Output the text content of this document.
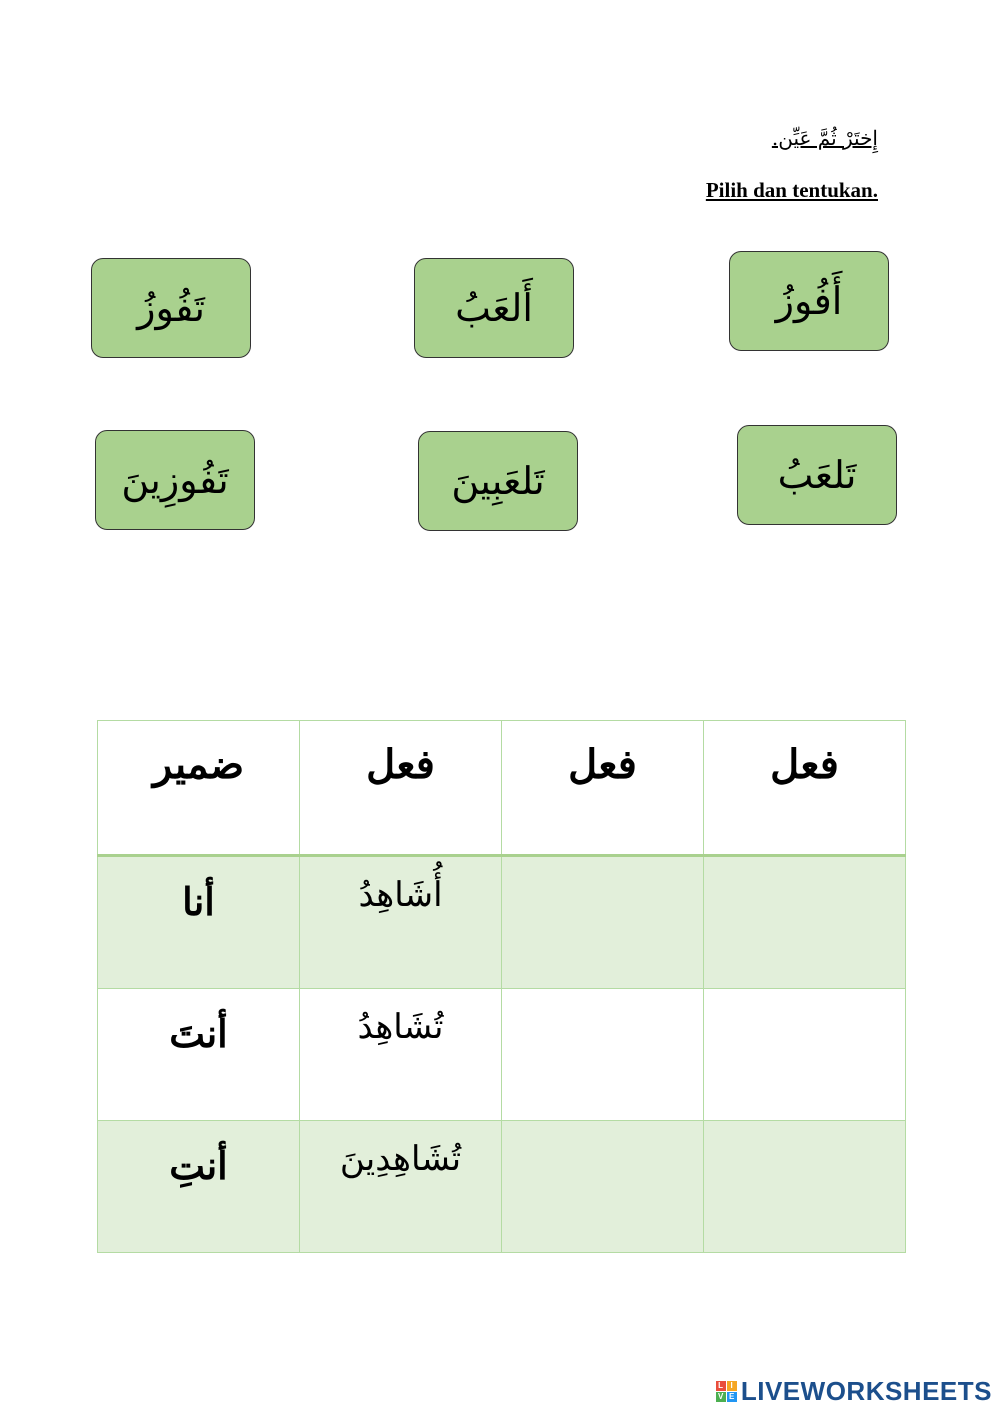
إِختَرْ ثُمَّ عَيِّن.
Pilih dan tentukan.
أَفُوزُ
أَلعَبُ
تَفُوزُ
تَلعَبُ
تَلعَبِينَ
تَفُوزِينَ
ضمير	فعل	فعل	فعل

أنا	أُشَاهِدُ		

أنتَ	تُشَاهِدُ		

أنتِ	تُشَاهِدِينَ		

L I
V E LIVEWORKSHEETS
